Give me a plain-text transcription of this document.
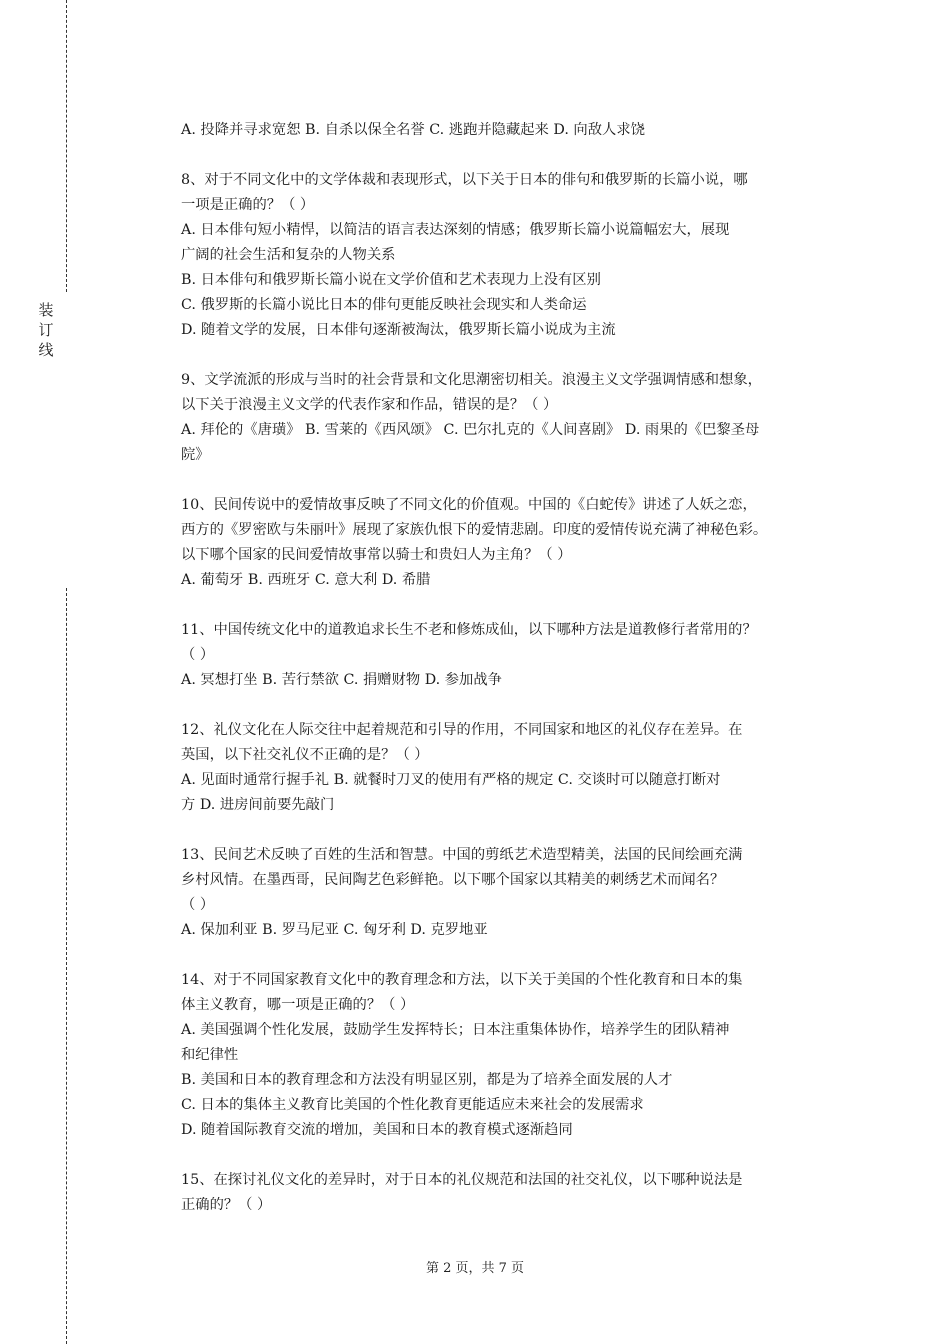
装
订
线
A. 投降并寻求宽恕 B. 自杀以保全名誉 C. 逃跑并隐藏起来 D. 向敌人求饶
8、对于不同文化中的文学体裁和表现形式，以下关于日本的俳句和俄罗斯的长篇小说，哪
一项是正确的？（ ）
A. 日本俳句短小精悍，以简洁的语言表达深刻的情感；俄罗斯长篇小说篇幅宏大，展现
广阔的社会生活和复杂的人物关系
B. 日本俳句和俄罗斯长篇小说在文学价值和艺术表现力上没有区别
C. 俄罗斯的长篇小说比日本的俳句更能反映社会现实和人类命运
D. 随着文学的发展，日本俳句逐渐被淘汰，俄罗斯长篇小说成为主流
9、文学流派的形成与当时的社会背景和文化思潮密切相关。浪漫主义文学强调情感和想象，
以下关于浪漫主义文学的代表作家和作品，错误的是？（ ）
A. 拜伦的《唐璜》 B. 雪莱的《西风颂》 C. 巴尔扎克的《人间喜剧》 D. 雨果的《巴黎圣母
院》
10、民间传说中的爱情故事反映了不同文化的价值观。中国的《白蛇传》讲述了人妖之恋，
西方的《罗密欧与朱丽叶》展现了家族仇恨下的爱情悲剧。印度的爱情传说充满了神秘色彩。
以下哪个国家的民间爱情故事常以骑士和贵妇人为主角？（ ）
A. 葡萄牙 B. 西班牙 C. 意大利 D. 希腊
11、中国传统文化中的道教追求长生不老和修炼成仙，以下哪种方法是道教修行者常用的？
（ ）
A. 冥想打坐 B. 苦行禁欲 C. 捐赠财物 D. 参加战争
12、礼仪文化在人际交往中起着规范和引导的作用，不同国家和地区的礼仪存在差异。在
英国，以下社交礼仪不正确的是？（ ）
A. 见面时通常行握手礼 B. 就餐时刀叉的使用有严格的规定 C. 交谈时可以随意打断对
方 D. 进房间前要先敲门
13、民间艺术反映了百姓的生活和智慧。中国的剪纸艺术造型精美，法国的民间绘画充满
乡村风情。在墨西哥，民间陶艺色彩鲜艳。以下哪个国家以其精美的刺绣艺术而闻名？
（ ）
A. 保加利亚 B. 罗马尼亚 C. 匈牙利 D. 克罗地亚
14、对于不同国家教育文化中的教育理念和方法，以下关于美国的个性化教育和日本的集
体主义教育，哪一项是正确的？（ ）
A. 美国强调个性化发展，鼓励学生发挥特长；日本注重集体协作，培养学生的团队精神
和纪律性
B. 美国和日本的教育理念和方法没有明显区别，都是为了培养全面发展的人才
C. 日本的集体主义教育比美国的个性化教育更能适应未来社会的发展需求
D. 随着国际教育交流的增加，美国和日本的教育模式逐渐趋同
15、在探讨礼仪文化的差异时，对于日本的礼仪规范和法国的社交礼仪，以下哪种说法是
正确的？（ ）
第 2 页，共 7 页
